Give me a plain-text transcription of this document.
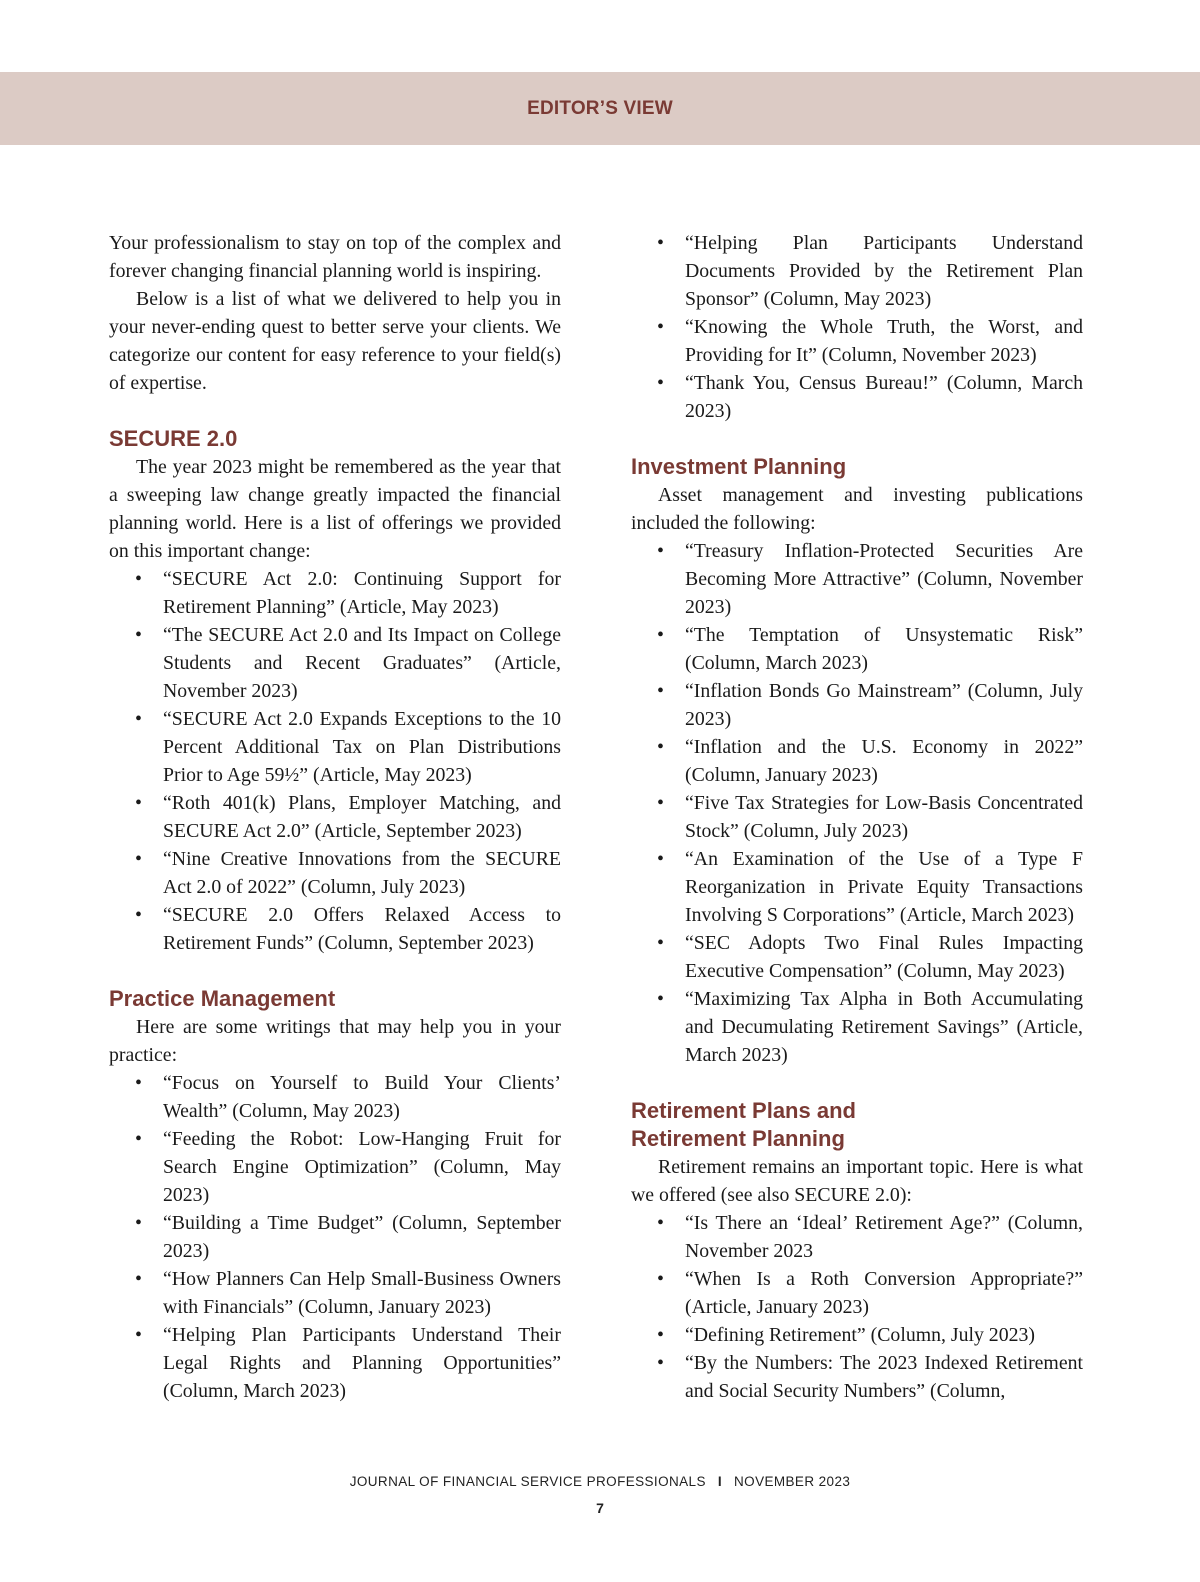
EDITOR’S VIEW

Your professionalism to stay on top of the complex and forever changing financial planning world is inspiring.

Below is a list of what we delivered to help you in your never-ending quest to better serve your clients. We categorize our content for easy reference to your field(s) of expertise.

SECURE 2.0

The year 2023 might be remembered as the year that a sweeping law change greatly impacted the financial planning world. Here is a list of offerings we provided on this important change:

• “SECURE Act 2.0: Continuing Support for Retirement Planning” (Article, May 2023)
• “The SECURE Act 2.0 and Its Impact on College Students and Recent Graduates” (Article, November 2023)
• “SECURE Act 2.0 Expands Exceptions to the 10 Percent Additional Tax on Plan Distributions Prior to Age 59½” (Article, May 2023)
• “Roth 401(k) Plans, Employer Matching, and SECURE Act 2.0” (Article, September 2023)
• “Nine Creative Innovations from the SECURE Act 2.0 of 2022” (Column, July 2023)
• “SECURE 2.0 Offers Relaxed Access to Retirement Funds” (Column, September 2023)
Practice Management

Here are some writings that may help you in your practice:

• “Focus on Yourself to Build Your Clients’ Wealth” (Column, May 2023)
• “Feeding the Robot: Low-Hanging Fruit for Search Engine Optimization” (Column, May 2023)
• “Building a Time Budget” (Column, September 2023)
• “How Planners Can Help Small-Business Owners with Financials” (Column, January 2023)
• “Helping Plan Participants Understand Their Legal Rights and Planning Opportunities” (Column, March 2023)
• “Helping Plan Participants Understand Documents Provided by the Retirement Plan Sponsor” (Column, May 2023)
• “Knowing the Whole Truth, the Worst, and Providing for It” (Column, November 2023)
• “Thank You, Census Bureau!” (Column, March 2023)
Investment Planning

Asset management and investing publications included the following:

• “Treasury Inflation-Protected Securities Are Becoming More Attractive” (Column, November 2023)
• “The Temptation of Unsystematic Risk” (Column, March 2023)
• “Inflation Bonds Go Mainstream” (Column, July 2023)
• “Inflation and the U.S. Economy in 2022” (Column, January 2023)
• “Five Tax Strategies for Low-Basis Concentrated Stock” (Column, July 2023)
• “An Examination of the Use of a Type F Reorganization in Private Equity Transactions Involving S Corporations” (Article, March 2023)
• “SEC Adopts Two Final Rules Impacting Executive Compensation” (Column, May 2023)
• “Maximizing Tax Alpha in Both Accumulating and Decumulating Retirement Savings” (Article, March 2023)
Retirement Plans and
Retirement Planning

Retirement remains an important topic. Here is what we offered (see also SECURE 2.0):

• “Is There an ‘Ideal’ Retirement Age?” (Column, November 2023
• “When Is a Roth Conversion Appropriate?” (Article, January 2023)
• “Defining Retirement” (Column, July 2023)
• “By the Numbers: The 2023 Indexed Retirement and Social Security Numbers” (Column,
JOURNAL OF FINANCIAL SERVICE PROFESSIONALS I NOVEMBER 2023
7
